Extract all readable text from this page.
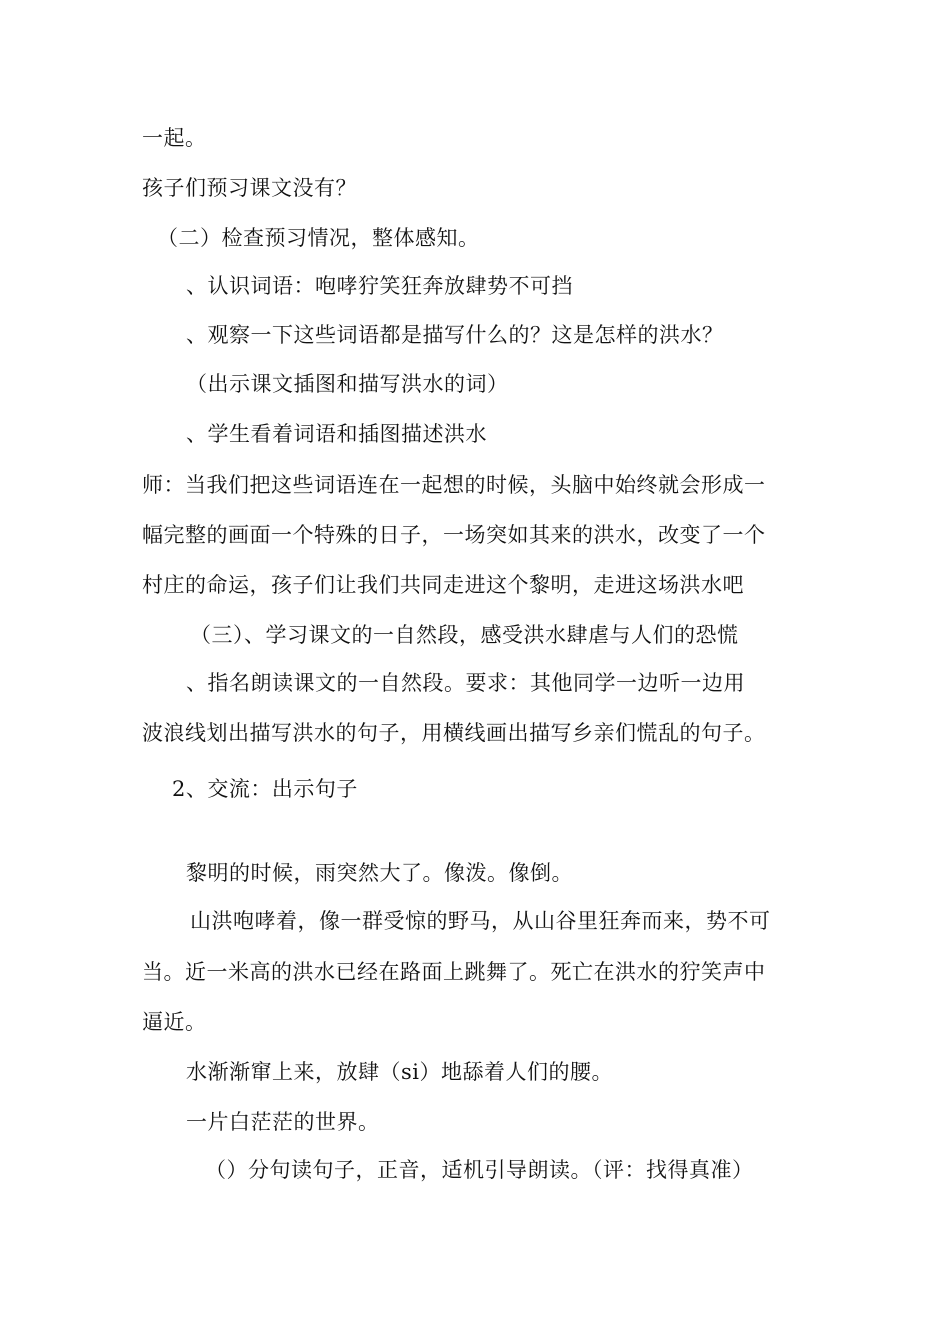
一起。
孩子们预习课文没有？
（二）检查预习情况，整体感知。
、认识词语：咆哮狞笑狂奔放肆势不可挡
、观察一下这些词语都是描写什么的？这是怎样的洪水？
（出示课文插图和描写洪水的词）
、学生看着词语和插图描述洪水
师：当我们把这些词语连在一起想的时候，头脑中始终就会形成一
幅完整的画面一个特殊的日子，一场突如其来的洪水，改变了一个
村庄的命运，孩子们让我们共同走进这个黎明，走进这场洪水吧
（三）、学习课文的一自然段，感受洪水肆虐与人们的恐慌
、指名朗读课文的一自然段。要求：其他同学一边听一边用
波浪线划出描写洪水的句子，用横线画出描写乡亲们慌乱的句子。
2、交流：出示句子
黎明的时候，雨突然大了。像泼。像倒。
山洪咆哮着，像一群受惊的野马，从山谷里狂奔而来，势不可
当。近一米高的洪水已经在路面上跳舞了。死亡在洪水的狞笑声中
逼近。
水渐渐窜上来，放肆（si）地舔着人们的腰。
一片白茫茫的世界。
（）分句读句子，正音，适机引导朗读。（评：找得真准）
